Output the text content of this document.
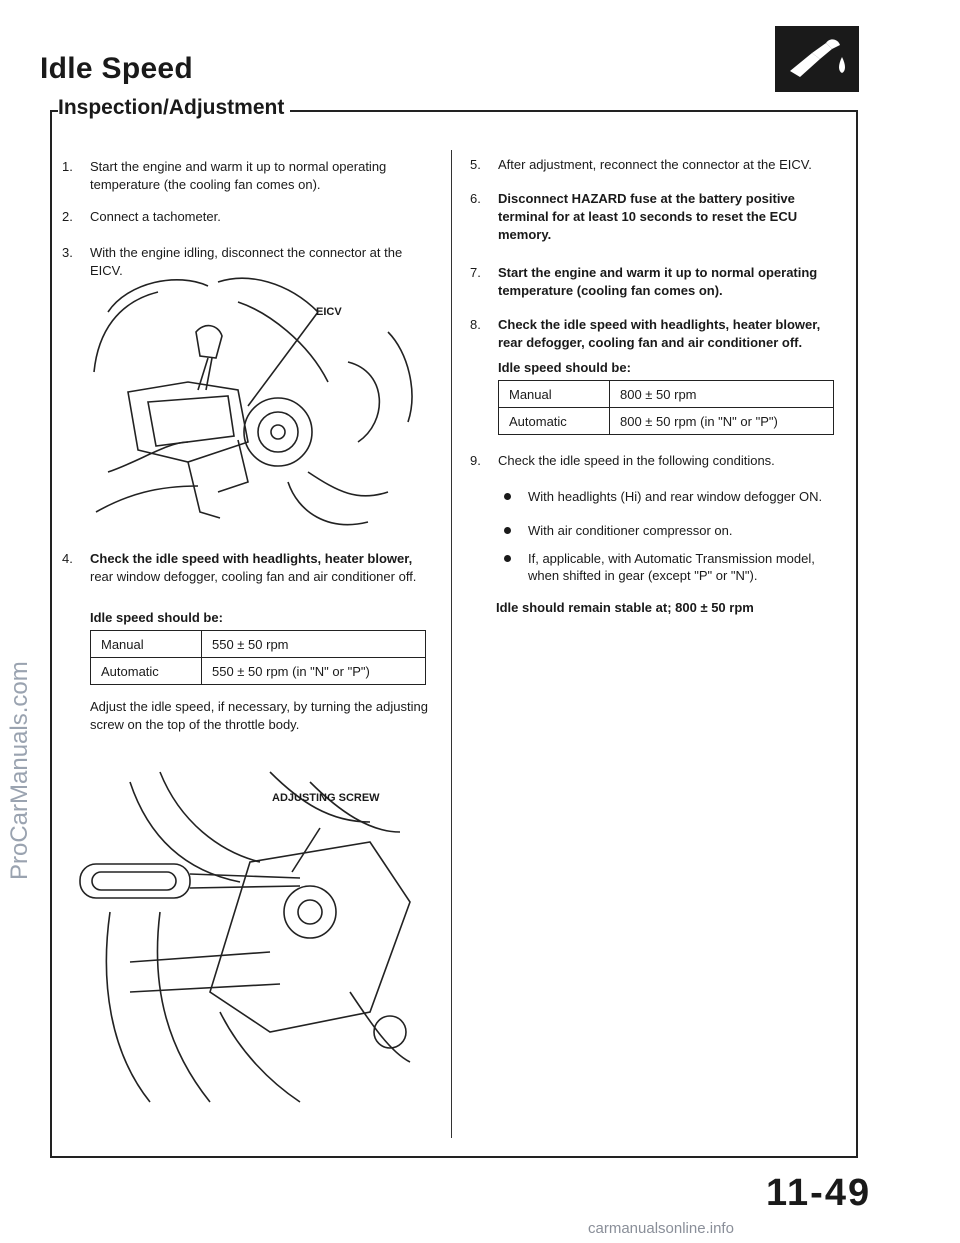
Idle Speed
Inspection/Adjustment
1. Start the engine and warm it up to normal operating temperature (the cooling fan comes on).
2. Connect a tachometer.
3. With the engine idling, disconnect the connector at the EICV.
EICV
4. Check the idle speed with headlights, heater blower, rear window defogger, cooling fan and air conditioner off.
Idle speed should be:
Manual	550 ± 50 rpm
Automatic	550 ± 50 rpm (in "N" or "P")
Adjust the idle speed, if necessary, by turning the adjusting screw on the top of the throttle body.
ADJUSTING SCREW
5. After adjustment, reconnect the connector at the EICV.
6. Disconnect HAZARD fuse at the battery positive terminal for at least 10 seconds to reset the ECU memory.
7. Start the engine and warm it up to normal operating temperature (cooling fan comes on).
8. Check the idle speed with headlights, heater blower, rear defogger, cooling fan and air conditioner off.
Idle speed should be:
Manual	800 ± 50 rpm
Automatic	800 ± 50 rpm (in "N" or "P")
9. Check the idle speed in the following conditions.
With headlights (Hi) and rear window defogger ON.
With air conditioner compressor on.
If, applicable, with Automatic Transmission model, when shifted in gear (except "P" or "N").
Idle should remain stable at; 800 ± 50 rpm
11-49
ProCarManuals.com
carmanualsonline.info
